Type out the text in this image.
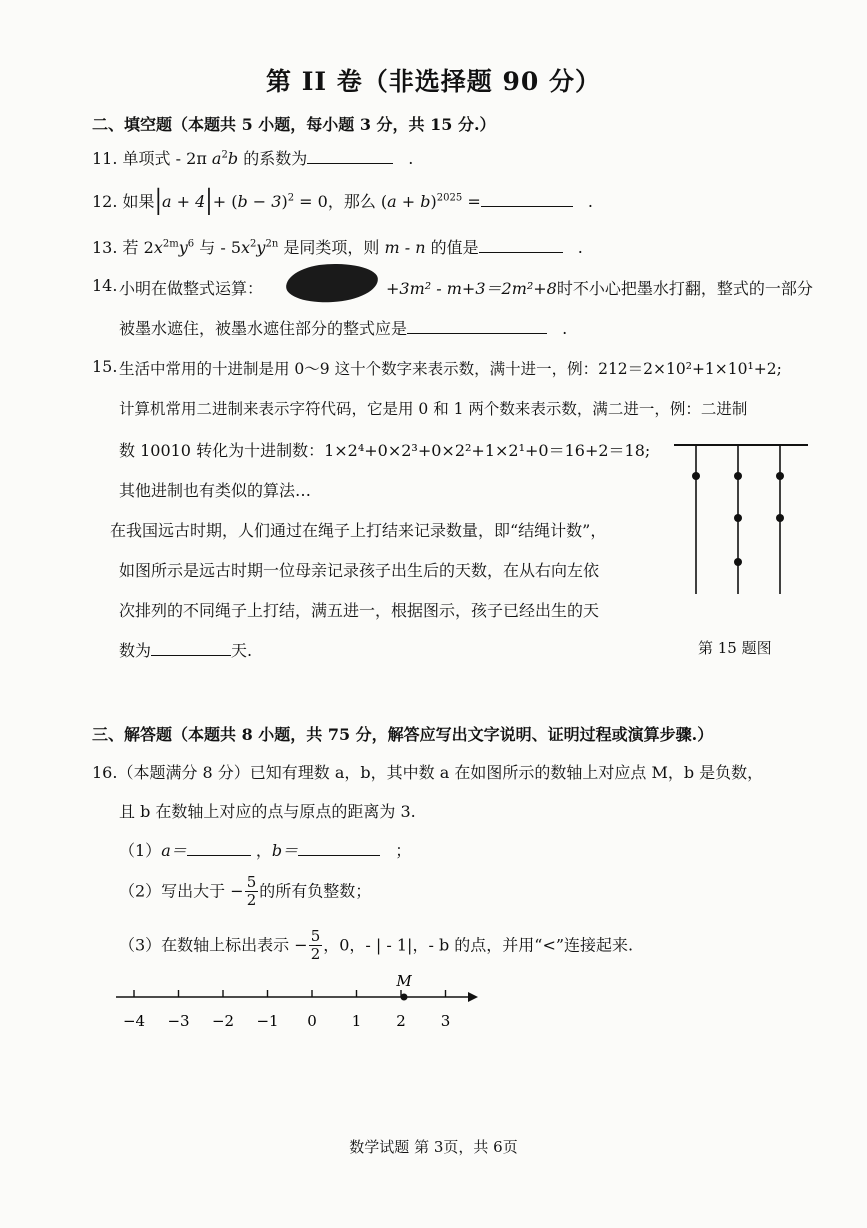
第 II 卷（非选择题 90 分）
二、填空题（本题共 5 小题，每小题 3 分，共 15 分.）
11. 单项式 - 2π $a^2b$ 的系数为	.
12. 如果$|a + 4|+ (b - 3)^2 = 0$，那么 $(a + b)^{2025}$ =	.
13. 若 $2x^{2m}y^6$ 与 - $5x^2y^{2n}$ 是同类项，则 m - n 的值是	.
14. 小明在做整式运算：	+3m² - m+3＝2m²+8时不小心把墨水打翻，整式的一部分
被墨水遮住，被墨水遮住部分的整式应是	.
15. 生活中常用的十进制是用 0～9 这十个数字来表示数，满十进一，例：212＝2×10²+1×10¹+2;
计算机常用二进制来表示字符代码，它是用 0 和 1 两个数来表示数，满二进一，例：二进制
数 10010 转化为十进制数：1×2⁴+0×2³+0×2²+1×2¹+0＝16+2＝18;
其他进制也有类似的算法…
在我国远古时期，人们通过在绳子上打结来记录数量，即“结绳计数”，
如图所示是远古时期一位母亲记录孩子出生后的天数，在从右向左依
次排列的不同绳子上打结，满五进一，根据图示，孩子已经出生的天
数为	天.	第 15 题图
三、解答题（本题共 8 小题，共 75 分，解答应写出文字说明、证明过程或演算步骤.）
16.（本题满分 8 分）已知有理数 a，b，其中数 a 在如图所示的数轴上对应点 M，b 是负数，
且 b 在数轴上对应的点与原点的距离为 3.
（1）a＝	，b＝	；
（2）写出大于 − $\frac{5}{2}$ 的所有负整数；
（3）在数轴上标出表示 − $\frac{5}{2}$ ，0，- | - 1|，- b 的点，并用“<”连接起来.
−4 −3 −2 −1 0 1 2 3
M
数学试题 第 3页，共 6页
